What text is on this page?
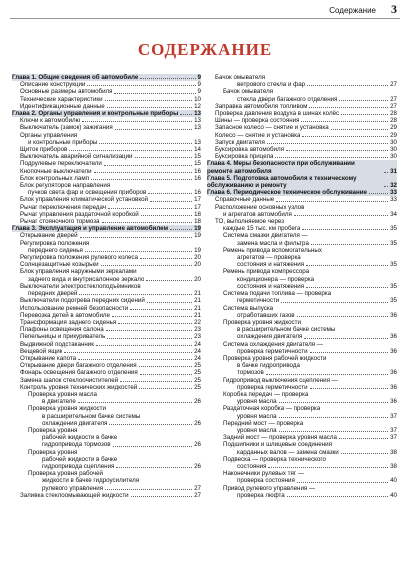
Содержание 3
СОДЕРЖАНИЕ
Глава 1. Общие сведения об автомобиле	9
Описание конструкции	9
Основные размеры автомобиля	9
Технические характеристики	10
Идентификационные данные	12
Глава 2. Органы управления и контрольные приборы	13
Ключи к автомобилю	13
Выключатель (замок) зажигания	13
Органы управления
и контрольные приборы	13
Щиток приборов	14
Выключатель аварийной сигнализации	15
Подрулевые переключатели	15
Кнопочные выключатели	16
Блок контрольных ламп	16
Блок регуляторов направления
пучков света фар и освещения приборов	16
Блок управления климатической установкой	17
Рычаг переключения передач	17
Рычаг управления раздаточной коробкой	18
Рычаг стояночного тормоза	18
Глава 3. Эксплуатация и управление автомобилем	19
Открывание дверей	19
Регулировка положения
переднего сиденья	19
Регулировка положения рулевого колеса	20
Солнцезащитные козырьки	20
Блок управления наружными зеркалами
заднего вида и внутрисалонное зеркало	20
Выключатели электростеклоподъёмников
передних дверей	21
Выключатели подогрева передних сидений	21
Использование ремней безопасности	21
Перевозка детей в автомобиле	21
Трансформация заднего сиденья	22
Плафоны освещения салона	23
Пепельницы и прикуриватель	23
Выдвижной подстаканник	24
Вещевой ящик	24
Открывание капота	24
Открывание двери багажного отделения	25
Фонарь освещения багажного отделения	25
Замена шапок стеклоочистителей	25
Контроль уровня технических жидкостей	25
Проверка уровня масла
в двигателе	26
Проверка уровня жидкости
в расширительном бачке системы
охлаждения двигателя	26
Проверка уровня
рабочей жидкости в бачке
гидропривода тормозов	26
Проверка уровня
рабочей жидкости в бачке
гидропривода сцепления	26
Проверка уровня рабочей
жидкости в бачке гидроусилителя
рулевого управления	27
Заливка стеклоомывающей жидкости	27
Бачок омывателя
ветрового стекла и фар	27
Бачок омывателя
стекла двери багажного отделения	27
Заправка автомобиля топливом	27
Проверка давления воздуха в шинах колёс	28
Шины — проверка состояния	28
Запасное колесо — снятие и установка	29
Колесо — снятие и установка	29
Запуск двигателя	30
Буксировка автомобиля	30
Буксировка прицепа	30
Глава 4. Меры безопасности при обслуживании ремонте автомобиля	31
Глава 5. Подготовка автомобиля к техническому обслуживанию и ремонту	32
Глава 6. Периодическое техническое обслуживание	33
Справочные данные	33
Расположение основных узлов
и агрегатов автомобиля	34
ТО, выполняемое через
каждые 15 тыс. км пробега	35
Система смазки двигателя —
замена масла и фильтра	35
Ремень привода вспомогательных
агрегатов — проверка
состояния и натяжения	35
Ремень привода компрессора
кондиционера — проверка
состояния и натяжения	35
Система подачи топлива — проверка
герметичности	35
Система выпуска
отработавших газов	36
Проверка уровня жидкости
в расширительном бачке системы
охлаждения двигателя	36
Система охлаждения двигателя —
проверка герметичности	36
Проверка уровня рабочей жидкости
в бачке гидропривода
тормозов	36
Гидропривод выключения сцепления —
проверка герметичности	36
Коробка передач — проверка
уровня масла	36
Раздаточная коробка — проверка
уровня масла	37
Передний мост — проверка
уровня масла	37
Задний мост — проверка уровня масла	37
Подшипники и шлицевые соединения
карданных валов — замена смазки	38
Подвеска — проверка технического
состояния	38
Наконечники рулевых тяг —
проверка состояния	40
Привод рулевого управления —
проверка люфта	40
